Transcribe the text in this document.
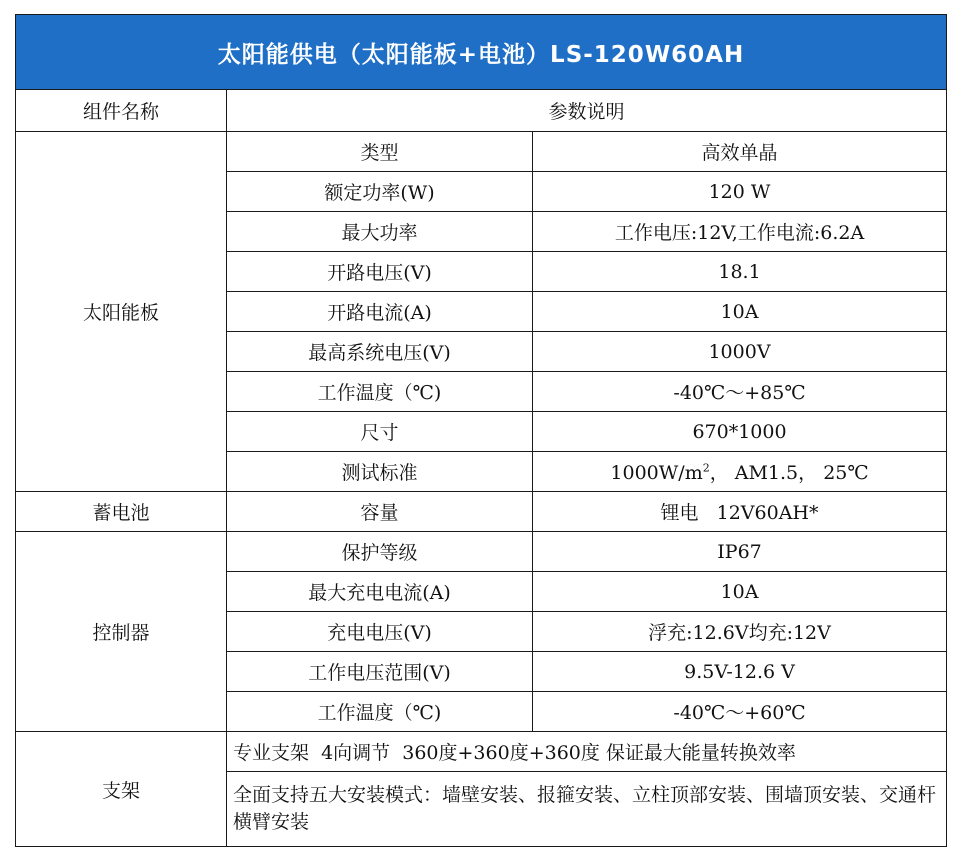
太阳能供电（太阳能板+电池）LS-120W60AH		
组件名称	参数说明	
太阳能板	类型	高效单晶
	额定功率(W)	120 W
	最大功率	工作电压:12V,工作电流:6.2A
	开路电压(V)	18.1
	开路电流(A)	10A
	最高系统电压(V)	1000V
	工作温度（℃)	-40℃～+85℃
	尺寸	670*1000
	测试标准	$1000W/m^2$， AM1.5， 25℃
蓄电池	容量	锂电   12V60AH*
控制器	保护等级	IP67
	最大充电电流(A)	10A
	充电电压(V)	浮充:12.6V均充:12V
	工作电压范围(V)	9.5V-12.6 V
	工作温度（℃)	-40℃～+60℃
支架	专业支架  4向调节  360度+360度+360度 保证最大能量转换效率	
	全面支持五大安装模式：墙壁安装、报箍安装、立柱顶部安装、围墙顶安装、交通杆横臂安装	
